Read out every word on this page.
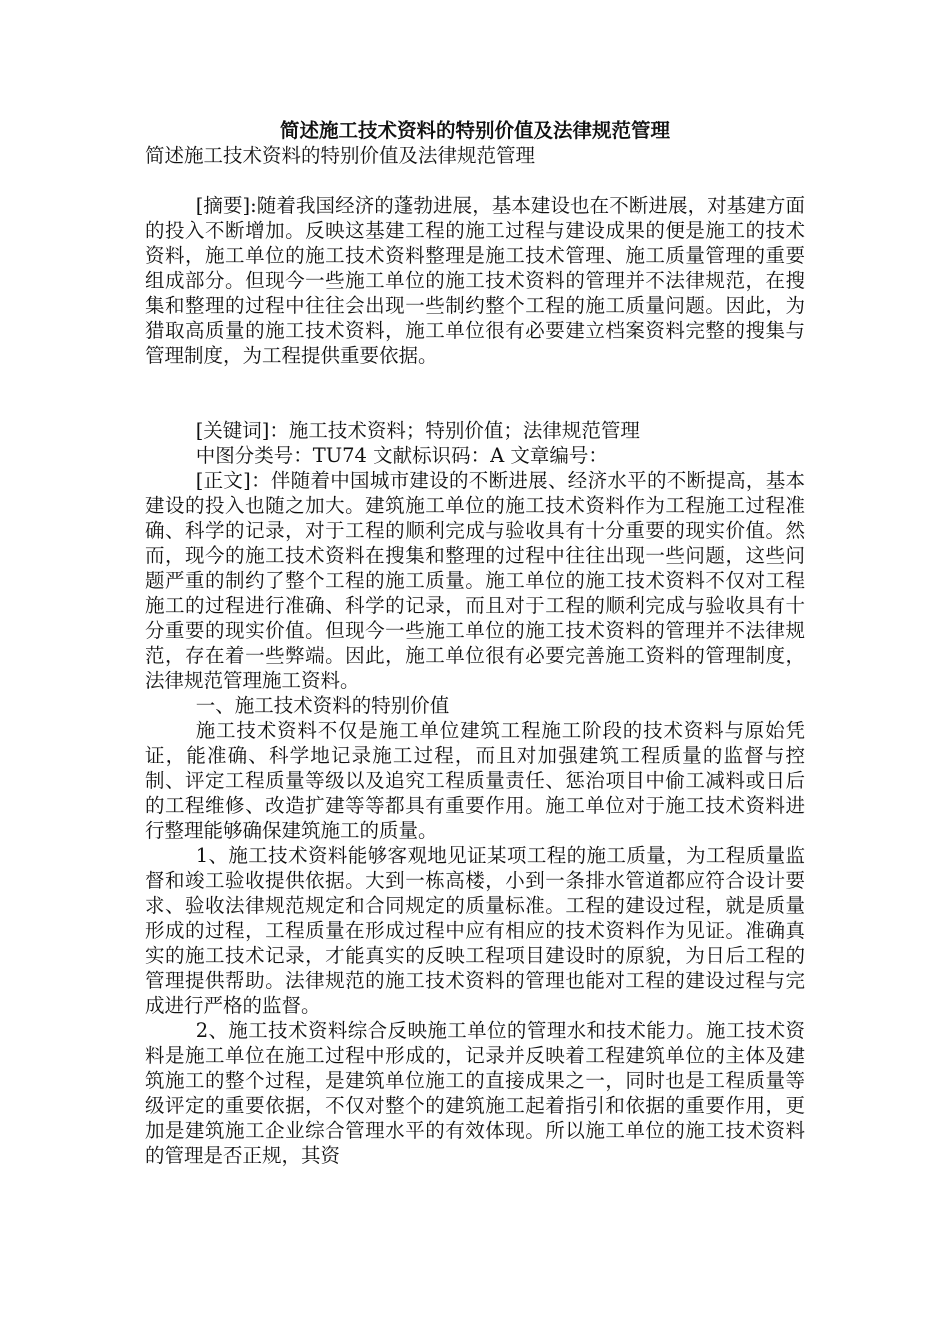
简述施工技术资料的特别价值及法律规范管理

简述施工技术资料的特别价值及法律规范管理

[摘要]:随着我国经济的蓬勃进展，基本建设也在不断进展，对基建方面的投入不断增加。反映这基建工程的施工过程与建设成果的便是施工的技术资料，施工单位的施工技术资料整理是施工技术管理、施工质量管理的重要组成部分。但现今一些施工单位的施工技术资料的管理并不法律规范，在搜集和整理的过程中往往会出现一些制约整个工程的施工质量问题。因此，为猎取高质量的施工技术资料，施工单位很有必要建立档案资料完整的搜集与管理制度，为工程提供重要依据。

[关键词]：施工技术资料；特别价值；法律规范管理

中图分类号：TU74 文献标识码：A 文章编号：

[正文]：伴随着中国城市建设的不断进展、经济水平的不断提高，基本建设的投入也随之加大。建筑施工单位的施工技术资料作为工程施工过程准确、科学的记录，对于工程的顺利完成与验收具有十分重要的现实价值。然而，现今的施工技术资料在搜集和整理的过程中往往出现一些问题，这些问题严重的制约了整个工程的施工质量。施工单位的施工技术资料不仅对工程施工的过程进行准确、科学的记录，而且对于工程的顺利完成与验收具有十分重要的现实价值。但现今一些施工单位的施工技术资料的管理并不法律规范，存在着一些弊端。因此，施工单位很有必要完善施工资料的管理制度，法律规范管理施工资料。

一、施工技术资料的特别价值

施工技术资料不仅是施工单位建筑工程施工阶段的技术资料与原始凭证，能准确、科学地记录施工过程，而且对加强建筑工程质量的监督与控制、评定工程质量等级以及追究工程质量责任、惩治项目中偷工减料或日后的工程维修、改造扩建等等都具有重要作用。施工单位对于施工技术资料进行整理能够确保建筑施工的质量。

1、施工技术资料能够客观地见证某项工程的施工质量，为工程质量监督和竣工验收提供依据。大到一栋高楼，小到一条排水管道都应符合设计要求、验收法律规范规定和合同规定的质量标准。工程的建设过程，就是质量形成的过程，工程质量在形成过程中应有相应的技术资料作为见证。准确真实的施工技术记录，才能真实的反映工程项目建设时的原貌，为日后工程的管理提供帮助。法律规范的施工技术资料的管理也能对工程的建设过程与完成进行严格的监督。

2、施工技术资料综合反映施工单位的管理水和技术能力。施工技术资料是施工单位在施工过程中形成的，记录并反映着工程建筑单位的主体及建筑施工的整个过程，是建筑单位施工的直接成果之一，同时也是工程质量等级评定的重要依据，不仅对整个的建筑施工起着指引和依据的重要作用，更加是建筑施工企业综合管理水平的有效体现。所以施工单位的施工技术资料的管理是否正规，其资
